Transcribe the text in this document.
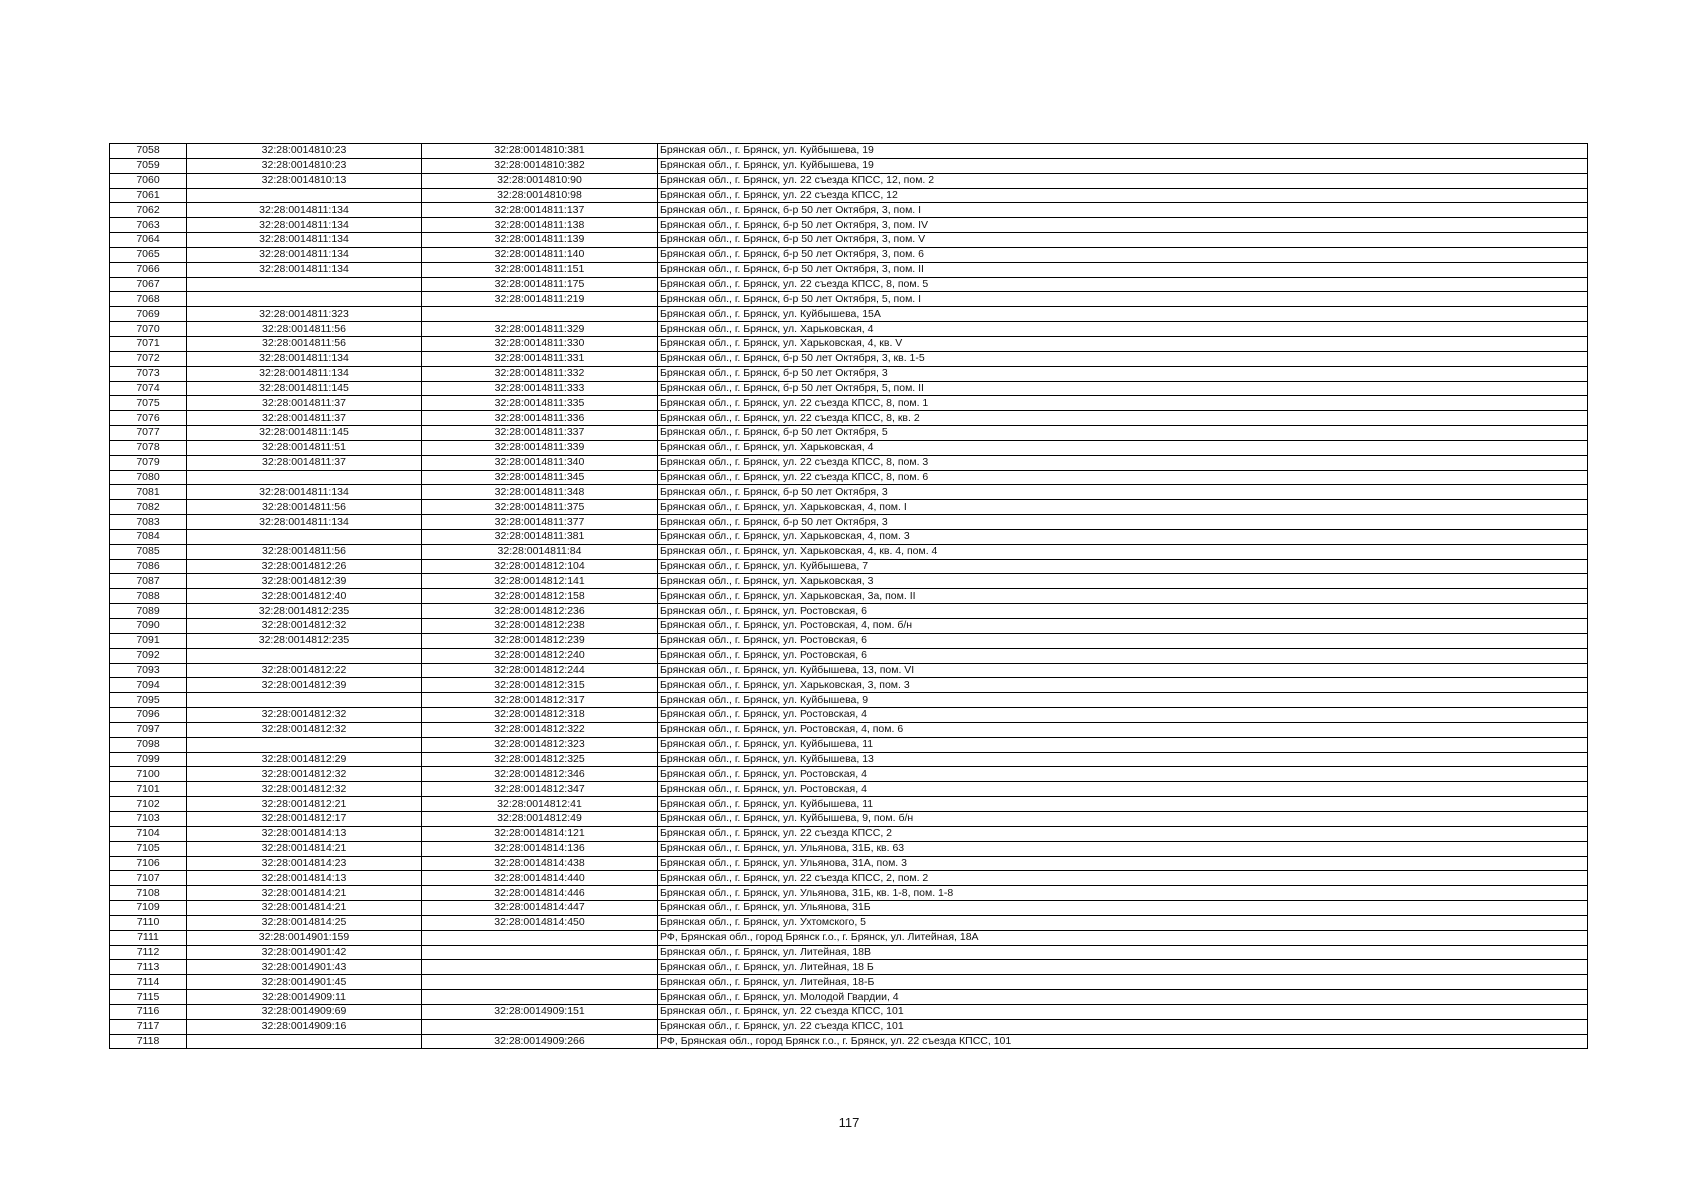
7058	32:28:0014810:23	32:28:0014810:381	Брянская обл., г. Брянск, ул. Куйбышева, 19
7059	32:28:0014810:23	32:28:0014810:382	Брянская обл., г. Брянск, ул. Куйбышева, 19
7060	32:28:0014810:13	32:28:0014810:90	Брянская обл., г. Брянск, ул. 22 съезда КПСС, 12, пом. 2
7061		32:28:0014810:98	Брянская обл., г. Брянск, ул. 22 съезда КПСС, 12
7062	32:28:0014811:134	32:28:0014811:137	Брянская обл., г. Брянск, б-р 50 лет Октября, 3, пом. I
7063	32:28:0014811:134	32:28:0014811:138	Брянская обл., г. Брянск, б-р 50 лет Октября, 3, пом. IV
7064	32:28:0014811:134	32:28:0014811:139	Брянская обл., г. Брянск, б-р 50 лет Октября, 3, пом. V
7065	32:28:0014811:134	32:28:0014811:140	Брянская обл., г. Брянск, б-р 50 лет Октября, 3, пом. 6
7066	32:28:0014811:134	32:28:0014811:151	Брянская обл., г. Брянск, б-р 50 лет Октября, 3, пом. II
7067		32:28:0014811:175	Брянская обл., г. Брянск, ул. 22 съезда КПСС, 8, пом. 5
7068		32:28:0014811:219	Брянская обл., г. Брянск, б-р 50 лет Октября, 5, пом. I
7069	32:28:0014811:323		Брянская обл., г. Брянск, ул. Куйбышева, 15А
7070	32:28:0014811:56	32:28:0014811:329	Брянская обл., г. Брянск, ул. Харьковская, 4
7071	32:28:0014811:56	32:28:0014811:330	Брянская обл., г. Брянск, ул. Харьковская, 4, кв. V
7072	32:28:0014811:134	32:28:0014811:331	Брянская обл., г. Брянск, б-р 50 лет Октября, 3, кв. 1-5
7073	32:28:0014811:134	32:28:0014811:332	Брянская обл., г. Брянск, б-р 50 лет Октября, 3
7074	32:28:0014811:145	32:28:0014811:333	Брянская обл., г. Брянск, б-р 50 лет Октября, 5, пом. II
7075	32:28:0014811:37	32:28:0014811:335	Брянская обл., г. Брянск, ул. 22 съезда КПСС, 8, пом. 1
7076	32:28:0014811:37	32:28:0014811:336	Брянская обл., г. Брянск, ул. 22 съезда КПСС, 8, кв. 2
7077	32:28:0014811:145	32:28:0014811:337	Брянская обл., г. Брянск, б-р 50 лет Октября, 5
7078	32:28:0014811:51	32:28:0014811:339	Брянская обл., г. Брянск, ул. Харьковская, 4
7079	32:28:0014811:37	32:28:0014811:340	Брянская обл., г. Брянск, ул. 22 съезда КПСС, 8, пом. 3
7080		32:28:0014811:345	Брянская обл., г. Брянск, ул. 22 съезда КПСС, 8, пом. 6
7081	32:28:0014811:134	32:28:0014811:348	Брянская обл., г. Брянск, б-р 50 лет Октября, 3
7082	32:28:0014811:56	32:28:0014811:375	Брянская обл., г. Брянск, ул. Харьковская, 4, пом. I
7083	32:28:0014811:134	32:28:0014811:377	Брянская обл., г. Брянск, б-р 50 лет Октября, 3
7084		32:28:0014811:381	Брянская обл., г. Брянск, ул. Харьковская, 4, пом. 3
7085	32:28:0014811:56	32:28:0014811:84	Брянская обл., г. Брянск, ул. Харьковская, 4, кв. 4, пом. 4
7086	32:28:0014812:26	32:28:0014812:104	Брянская обл., г. Брянск, ул. Куйбышева, 7
7087	32:28:0014812:39	32:28:0014812:141	Брянская обл., г. Брянск, ул. Харьковская, 3
7088	32:28:0014812:40	32:28:0014812:158	Брянская обл., г. Брянск, ул. Харьковская, 3а, пом. II
7089	32:28:0014812:235	32:28:0014812:236	Брянская обл., г. Брянск, ул. Ростовская, 6
7090	32:28:0014812:32	32:28:0014812:238	Брянская обл., г. Брянск, ул. Ростовская, 4, пом. б/н
7091	32:28:0014812:235	32:28:0014812:239	Брянская обл., г. Брянск, ул. Ростовская, 6
7092		32:28:0014812:240	Брянская обл., г. Брянск, ул. Ростовская, 6
7093	32:28:0014812:22	32:28:0014812:244	Брянская обл., г. Брянск, ул. Куйбышева, 13, пом. VI
7094	32:28:0014812:39	32:28:0014812:315	Брянская обл., г. Брянск, ул. Харьковская, 3, пом. 3
7095		32:28:0014812:317	Брянская обл., г. Брянск, ул. Куйбышева, 9
7096	32:28:0014812:32	32:28:0014812:318	Брянская обл., г. Брянск, ул. Ростовская, 4
7097	32:28:0014812:32	32:28:0014812:322	Брянская обл., г. Брянск, ул. Ростовская, 4, пом. 6
7098		32:28:0014812:323	Брянская обл., г. Брянск, ул. Куйбышева, 11
7099	32:28:0014812:29	32:28:0014812:325	Брянская обл., г. Брянск, ул. Куйбышева, 13
7100	32:28:0014812:32	32:28:0014812:346	Брянская обл., г. Брянск, ул. Ростовская, 4
7101	32:28:0014812:32	32:28:0014812:347	Брянская обл., г. Брянск, ул. Ростовская, 4
7102	32:28:0014812:21	32:28:0014812:41	Брянская обл., г. Брянск, ул. Куйбышева, 11
7103	32:28:0014812:17	32:28:0014812:49	Брянская обл., г. Брянск, ул. Куйбышева, 9, пом. б/н
7104	32:28:0014814:13	32:28:0014814:121	Брянская обл., г. Брянск, ул. 22 съезда КПСС, 2
7105	32:28:0014814:21	32:28:0014814:136	Брянская обл., г. Брянск, ул. Ульянова, 31Б, кв. 63
7106	32:28:0014814:23	32:28:0014814:438	Брянская обл., г. Брянск, ул. Ульянова, 31А, пом. 3
7107	32:28:0014814:13	32:28:0014814:440	Брянская обл., г. Брянск, ул. 22 съезда КПСС, 2, пом. 2
7108	32:28:0014814:21	32:28:0014814:446	Брянская обл., г. Брянск, ул. Ульянова, 31Б, кв. 1-8, пом. 1-8
7109	32:28:0014814:21	32:28:0014814:447	Брянская обл., г. Брянск, ул. Ульянова, 31Б
7110	32:28:0014814:25	32:28:0014814:450	Брянская обл., г. Брянск, ул. Ухтомского, 5
7111	32:28:0014901:159		РФ, Брянская обл., город Брянск г.о., г. Брянск, ул. Литейная, 18А
7112	32:28:0014901:42		Брянская обл., г. Брянск, ул. Литейная, 18В
7113	32:28:0014901:43		Брянская обл., г. Брянск, ул. Литейная, 18 Б
7114	32:28:0014901:45		Брянская обл., г. Брянск, ул. Литейная, 18-Б
7115	32:28:0014909:11		Брянская обл., г. Брянск, ул. Молодой Гвардии, 4
7116	32:28:0014909:69	32:28:0014909:151	Брянская обл., г. Брянск, ул. 22 съезда КПСС, 101
7117	32:28:0014909:16		Брянская обл., г. Брянск, ул. 22 съезда КПСС, 101
7118		32:28:0014909:266	РФ, Брянская обл., город Брянск г.о., г. Брянск, ул. 22 съезда КПСС, 101
117
